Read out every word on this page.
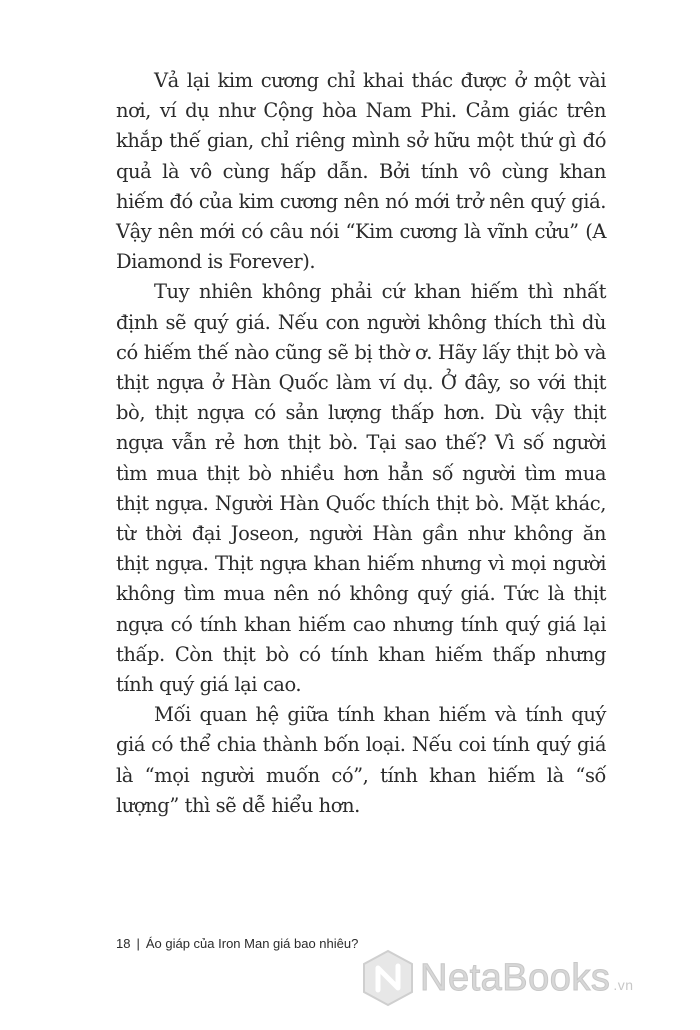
Vả lại kim cương chỉ khai thác được ở một vài nơi, ví dụ như Cộng hòa Nam Phi. Cảm giác trên khắp thế gian, chỉ riêng mình sở hữu một thứ gì đó quả là vô cùng hấp dẫn. Bởi tính vô cùng khan hiếm đó của kim cương nên nó mới trở nên quý giá. Vậy nên mới có câu nói “Kim cương là vĩnh cửu” (A Diamond is Forever).

Tuy nhiên không phải cứ khan hiếm thì nhất định sẽ quý giá. Nếu con người không thích thì dù có hiếm thế nào cũng sẽ bị thờ ơ. Hãy lấy thịt bò và thịt ngựa ở Hàn Quốc làm ví dụ. Ở đây, so với thịt bò, thịt ngựa có sản lượng thấp hơn. Dù vậy thịt ngựa vẫn rẻ hơn thịt bò. Tại sao thế? Vì số người tìm mua thịt bò nhiều hơn hẳn số người tìm mua thịt ngựa. Người Hàn Quốc thích thịt bò. Mặt khác, từ thời đại Joseon, người Hàn gần như không ăn thịt ngựa. Thịt ngựa khan hiếm nhưng vì mọi người không tìm mua nên nó không quý giá. Tức là thịt ngựa có tính khan hiếm cao nhưng tính quý giá lại thấp. Còn thịt bò có tính khan hiếm thấp nhưng tính quý giá lại cao.

Mối quan hệ giữa tính khan hiếm và tính quý giá có thể chia thành bốn loại. Nếu coi tính quý giá là “mọi người muốn có”, tính khan hiếm là “số lượng” thì sẽ dễ hiểu hơn.

18 | Áo giáp của Iron Man giá bao nhiêu?
NetaBooks .vn
